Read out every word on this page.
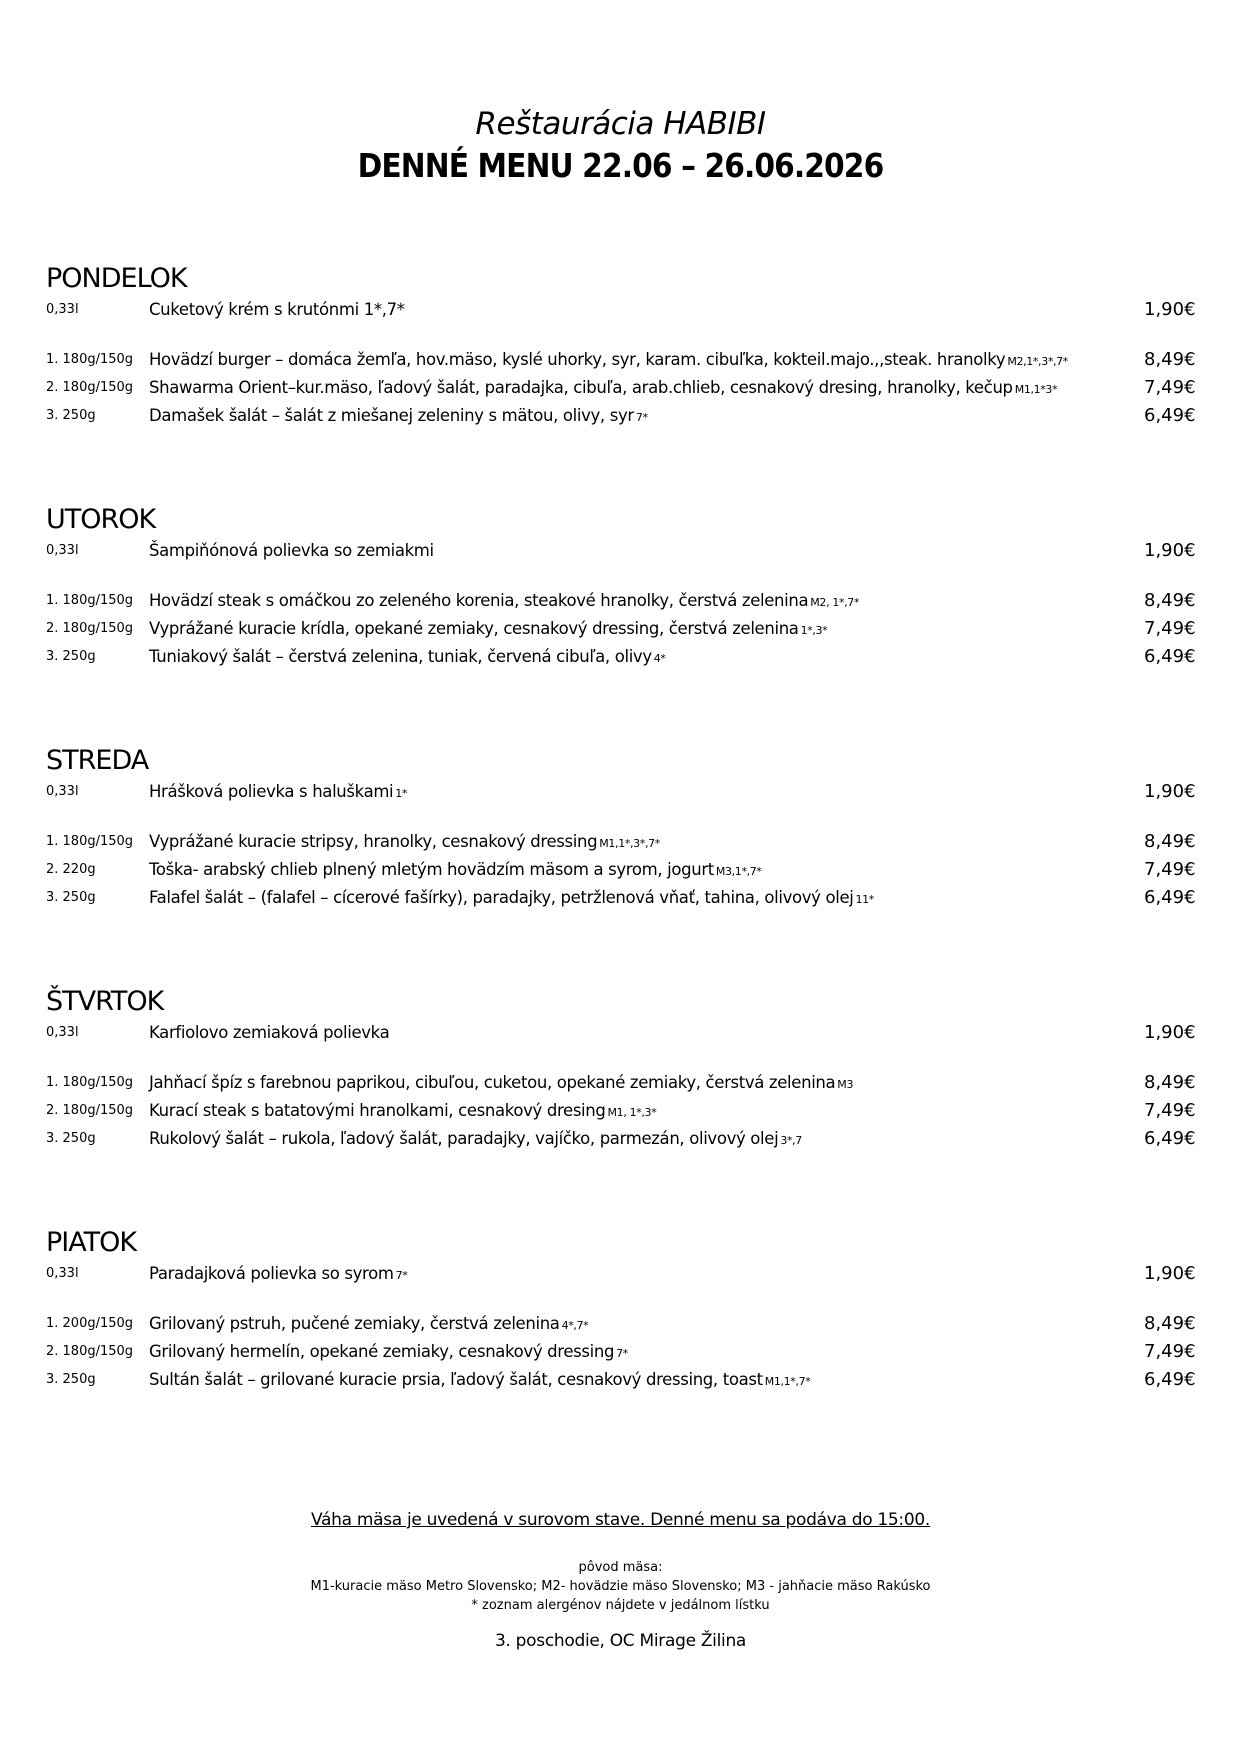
Reštaurácia HABIBI
DENNÉ MENU 22.06 – 26.06.2026
PONDELOK
0,33l	Cuketový krém s krutónmi 1*,7*	1,90€
1. 180g/150g Hovädzí burger – domáca žemľa, hov.mäso, kyslé uhorky, syr, karam. cibuľka, kokteil.majo.,,steak. hranolky M2,1*,3*,7*	8,49€
2. 180g/150g Shawarma Orient–kur.mäso, ľadový šalát, paradajka, cibuľa, arab.chlieb, cesnakový dresing, hranolky, kečup M1,1*3*	7,49€
3. 250g	Damašek šalát – šalát z miešanej zeleniny s mätou, olivy, syr 7*	6,49€
UTOROK
0,33l	Šampiňónová polievka so zemiakmi	1,90€
1. 180g/150g Hovädzí steak s omáčkou zo zeleného korenia, steakové hranolky, čerstvá zelenina M2, 1*,7*	8,49€
2. 180g/150g Vyprážané kuracie krídla, opekané zemiaky, cesnakový dressing, čerstvá zelenina 1*,3*	7,49€
3. 250g	Tuniakový šalát – čerstvá zelenina, tuniak, červená cibuľa, olivy 4*	6,49€
STREDA
0,33l	Hrášková polievka s haluškami 1*	1,90€
1. 180g/150g Vyprážané kuracie stripsy, hranolky, cesnakový dressing M1,1*,3*,7*	8,49€
2. 220g	Toška- arabský chlieb plnený mletým hovädzím mäsom a syrom, jogurt M3,1*,7*	7,49€
3. 250g	Falafel šalát – (falafel – cícerové fašírky), paradajky, petržlenová vňať, tahina, olivový olej 11*	6,49€
ŠTVRTOK
0,33l	Karfiolovo zemiaková polievka	1,90€
1. 180g/150g Jahňací špíz s farebnou paprikou, cibuľou, cuketou, opekané zemiaky, čerstvá zelenina M3	8,49€
2. 180g/150g Kurací steak s batatovými hranolkami, cesnakový dresing M1, 1*,3*	7,49€
3. 250g	Rukolový šalát – rukola, ľadový šalát, paradajky, vajíčko, parmezán, olivový olej 3*,7	6,49€
PIATOK
0,33l	Paradajková polievka so syrom 7*	1,90€
1. 200g/150g Grilovaný pstruh, pučené zemiaky, čerstvá zelenina 4*,7*	8,49€
2. 180g/150g Grilovaný hermelín, opekané zemiaky, cesnakový dressing 7*	7,49€
3. 250g	Sultán šalát – grilované kuracie prsia, ľadový šalát, cesnakový dressing, toast M1,1*,7*	6,49€
Váha mäsa je uvedená v surovom stave. Denné menu sa podáva do 15:00.
pôvod mäsa:
M1-kuracie mäso Metro Slovensko; M2- hovädzie mäso Slovensko; M3 - jahňacie mäso Rakúsko
* zoznam alergénov nájdete v jedálnom lístku
3. poschodie, OC Mirage Žilina
